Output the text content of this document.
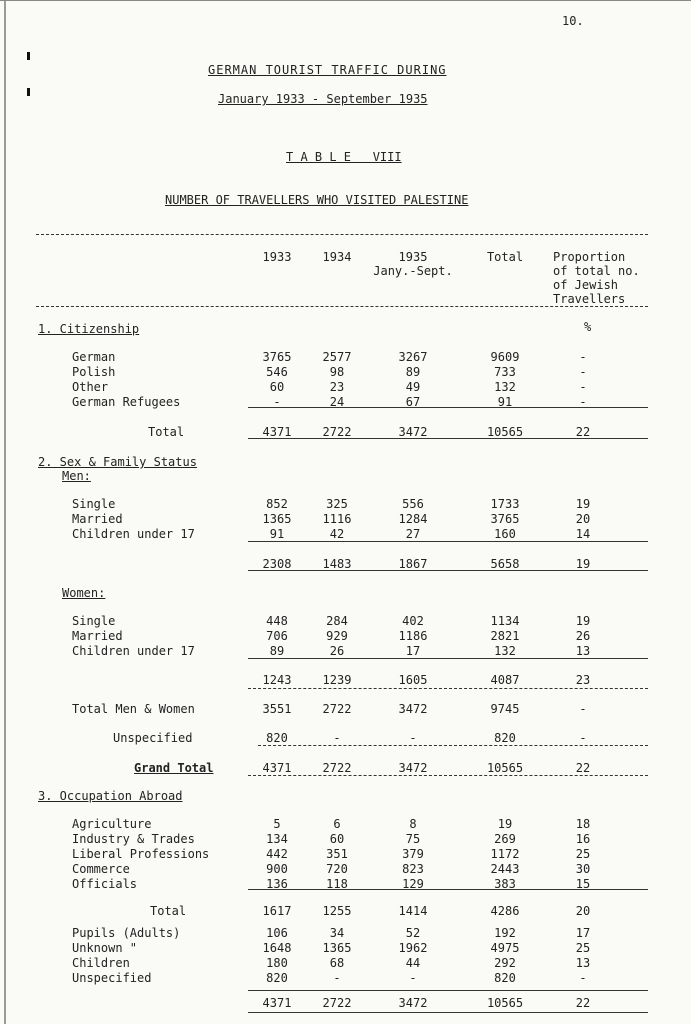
10.
GERMAN TOURIST TRAFFIC DURING
January 1933 - September 1935
T A B L E   VIII
NUMBER OF TRAVELLERS WHO VISITED PALESTINE
1933	1934	1935
Jany.-Sept.
Total	Proportion
of total no.
of Jewish
Travellers
%
1. Citizenship
German	3765	2577	3267	9609	-
Polish	546	98	89	733	-
Other	60	23	49	132	-
German Refugees	-	24	67	91	-
Total	4371	2722	3472	10565	22
2. Sex & Family Status
Men:
Single	852	325	556	1733	19
Married	1365	1116	1284	3765	20
Children under 17	91	42	27	160	14
2308	1483	1867	5658	19
Women:
Single	448	284	402	1134	19
Married	706	929	1186	2821	26
Children under 17	89	26	17	132	13
1243	1239	1605	4087	23
Total Men & Women	3551	2722	3472	9745	-
Unspecified	820	-	-	820	-
Grand Total	4371	2722	3472	10565	22
3. Occupation Abroad
Agriculture	5	6	8	19	18
Industry & Trades	134	60	75	269	16
Liberal Professions	442	351	379	1172	25
Commerce	900	720	823	2443	30
Officials	136	118	129	383	15
Total	1617	1255	1414	4286	20
Pupils (Adults)	106	34	52	192	17
Unknown "	1648	1365	1962	4975	25
Children	180	68	44	292	13
Unspecified	820	-	-	820	-
4371	2722	3472	10565	22
